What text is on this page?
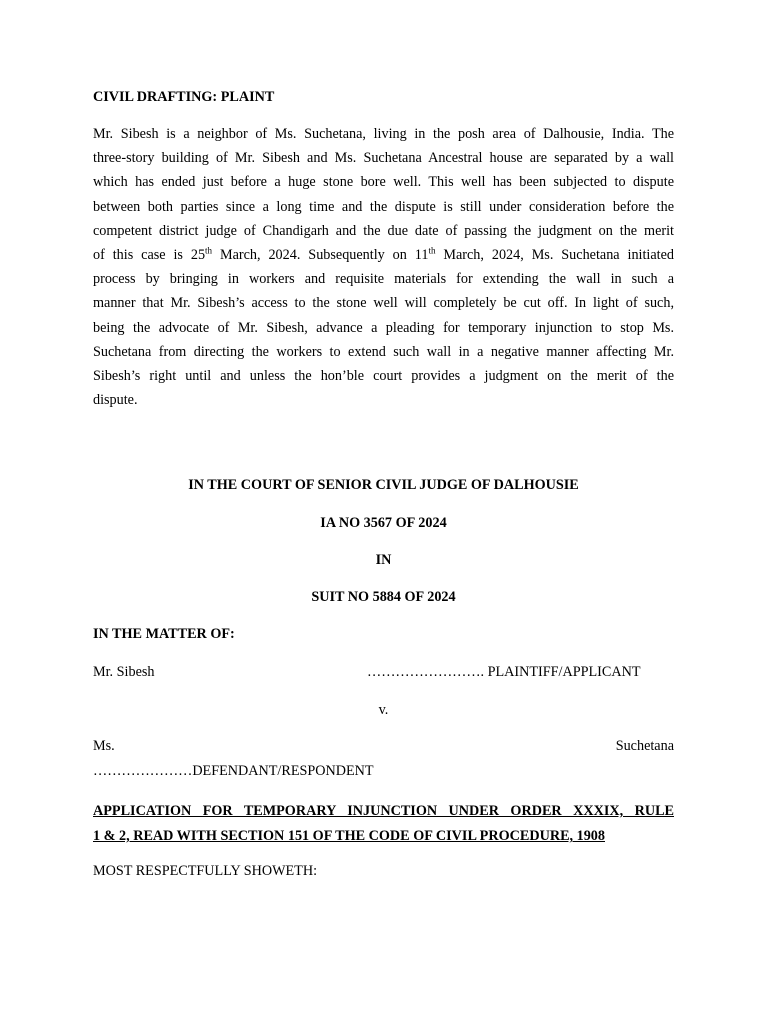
CIVIL DRAFTING: PLAINT
Mr. Sibesh is a neighbor of Ms. Suchetana, living in the posh area of Dalhousie, India. The
three-story building of Mr. Sibesh and Ms. Suchetana Ancestral house are separated by a wall
which has ended just before a huge stone bore well. This well has been subjected to dispute
between both parties since a long time and the dispute is still under consideration before the
competent district judge of Chandigarh and the due date of passing the judgment on the merit
of this case is 25th March, 2024. Subsequently on 11th March, 2024, Ms. Suchetana initiated
process by bringing in workers and requisite materials for extending the wall in such a
manner that Mr. Sibesh’s access to the stone well will completely be cut off. In light of such,
being the advocate of Mr. Sibesh, advance a pleading for temporary injunction to stop Ms.
Suchetana from directing the workers to extend such wall in a negative manner affecting Mr.
Sibesh’s right until and unless the hon’ble court provides a judgment on the merit of the
dispute.
IN THE COURT OF SENIOR CIVIL JUDGE OF DALHOUSIE
IA NO 3567 OF 2024
IN
SUIT NO 5884 OF 2024
IN THE MATTER OF:
Mr. Sibesh	……………………. PLAINTIFF/APPLICANT
v.
Ms.	Suchetana
…………………DEFENDANT/RESPONDENT
APPLICATION FOR TEMPORARY INJUNCTION UNDER ORDER XXXIX, RULE
1 & 2, READ WITH SECTION 151 OF THE CODE OF CIVIL PROCEDURE, 1908
MOST RESPECTFULLY SHOWETH:
